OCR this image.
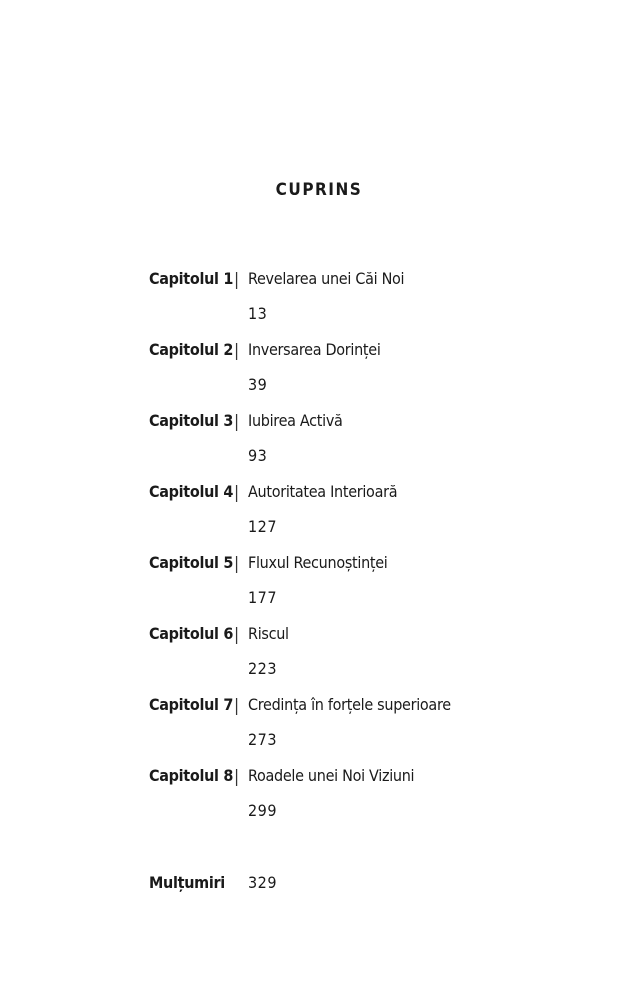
CUPRINS
Capitolul 1 | Revelarea unei Căi Noi
13
Capitolul 2 | Inversarea Dorinței
39
Capitolul 3 | Iubirea Activă
93
Capitolul 4 | Autoritatea Interioară
127
Capitolul 5 | Fluxul Recunoștinței
177
Capitolul 6 | Riscul
223
Capitolul 7 | Credința în forțele superioare
273
Capitolul 8 | Roadele unei Noi Viziuni
299
Mulțumiri 329
